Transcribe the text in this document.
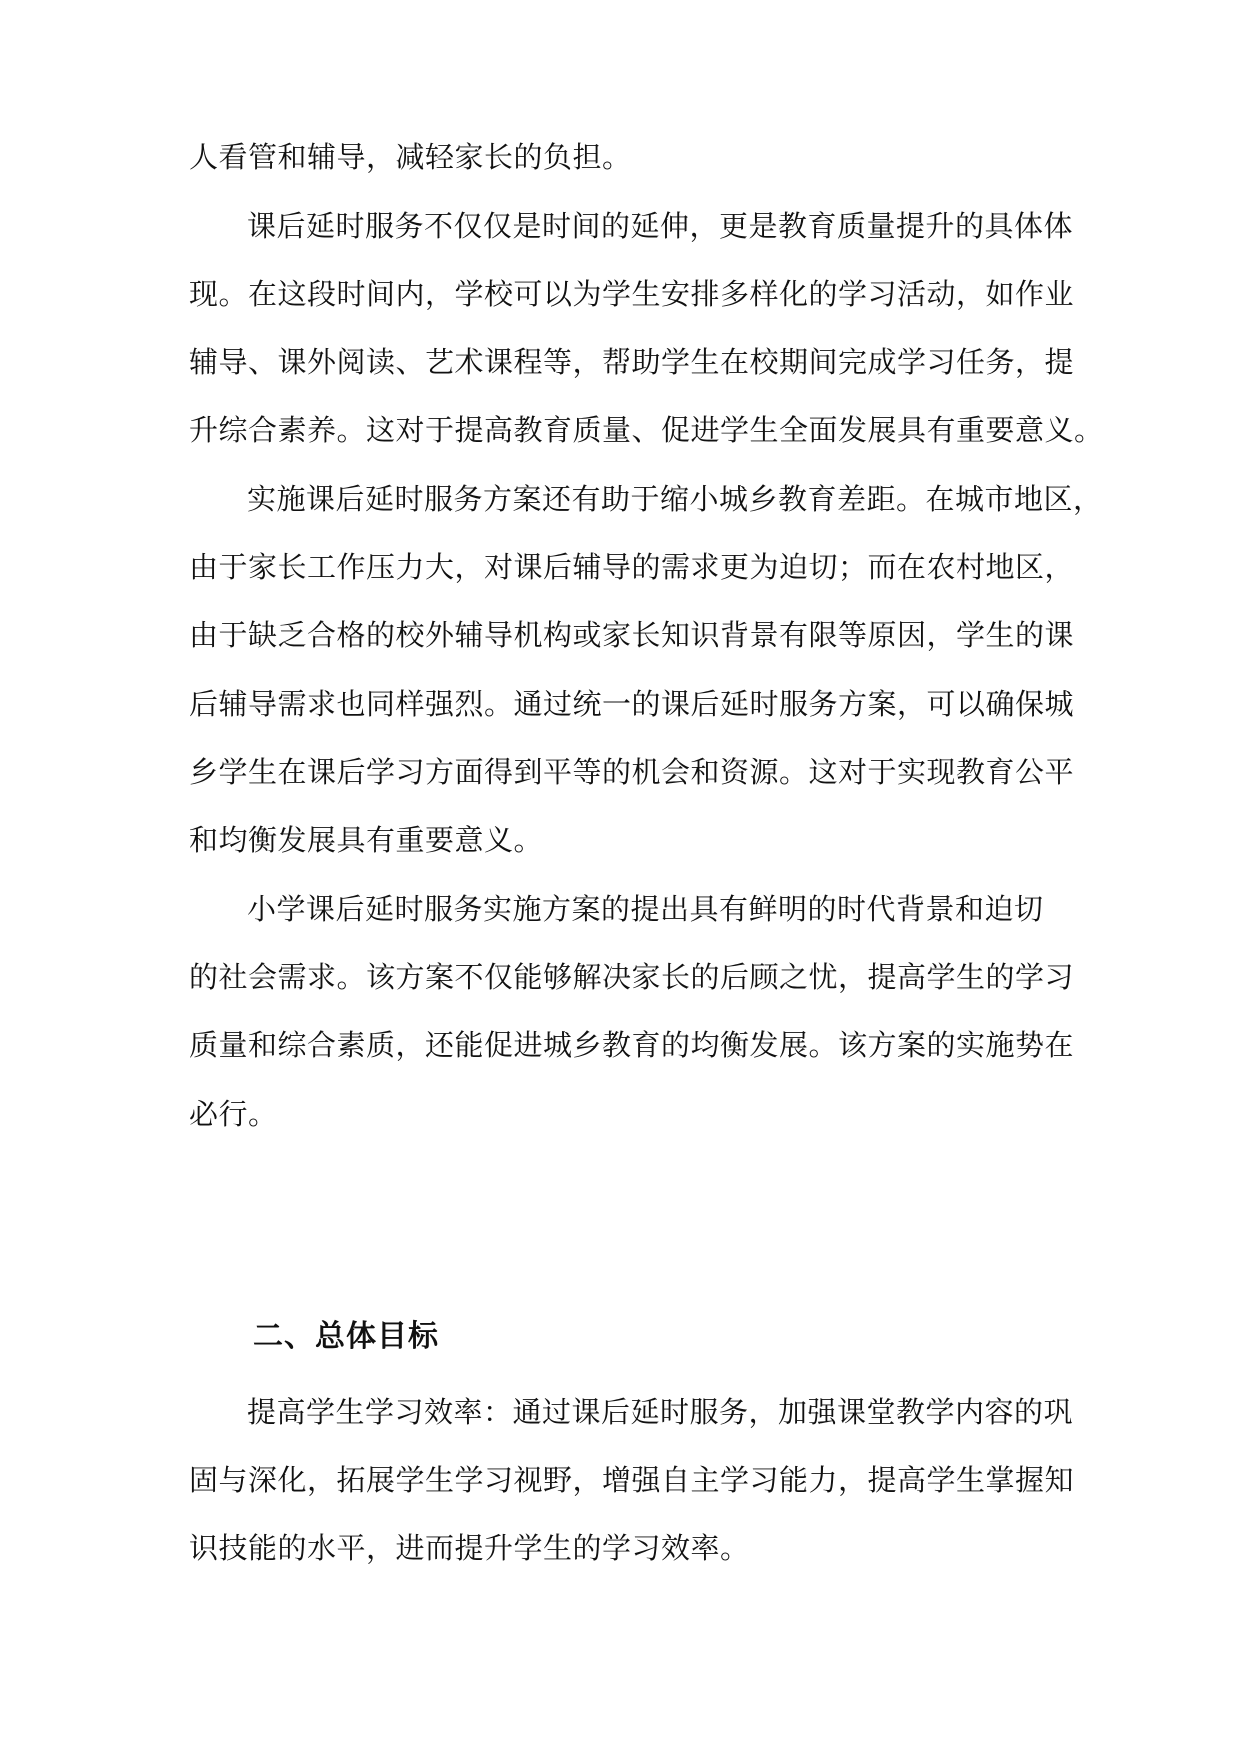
人看管和辅导，减轻家长的负担。
课后延时服务不仅仅是时间的延伸，更是教育质量提升的具体体
现。在这段时间内，学校可以为学生安排多样化的学习活动，如作业
辅导、课外阅读、艺术课程等，帮助学生在校期间完成学习任务，提
升综合素养。这对于提高教育质量、促进学生全面发展具有重要意义。
实施课后延时服务方案还有助于缩小城乡教育差距。在城市地区，
由于家长工作压力大，对课后辅导的需求更为迫切；而在农村地区，
由于缺乏合格的校外辅导机构或家长知识背景有限等原因，学生的课
后辅导需求也同样强烈。通过统一的课后延时服务方案，可以确保城
乡学生在课后学习方面得到平等的机会和资源。这对于实现教育公平
和均衡发展具有重要意义。
小学课后延时服务实施方案的提出具有鲜明的时代背景和迫切
的社会需求。该方案不仅能够解决家长的后顾之忧，提高学生的学习
质量和综合素质，还能促进城乡教育的均衡发展。该方案的实施势在
必行。
二、总体目标
提高学生学习效率：通过课后延时服务，加强课堂教学内容的巩
固与深化，拓展学生学习视野，增强自主学习能力，提高学生掌握知
识技能的水平，进而提升学生的学习效率。
